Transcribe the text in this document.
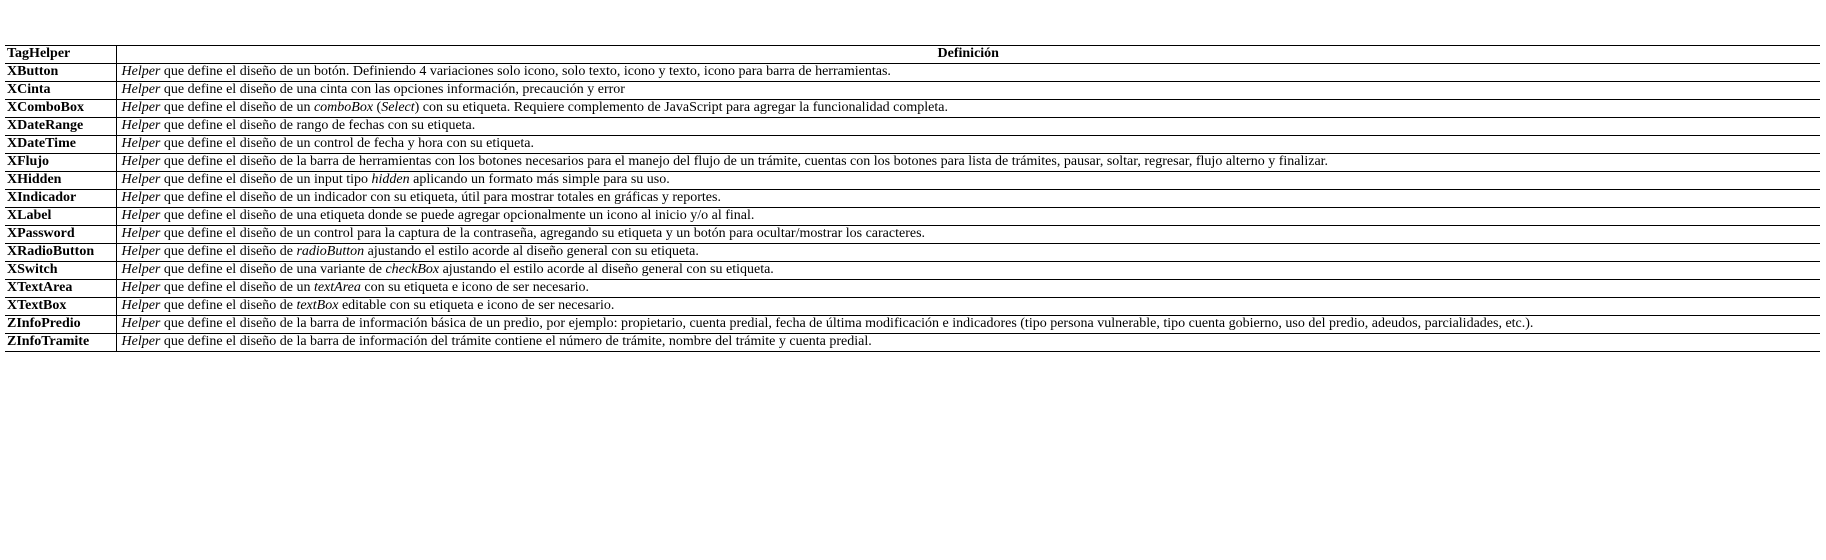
TagHelper	Definición
XButton	Helper que define el diseño de un botón. Definiendo 4 variaciones solo icono, solo texto, icono y texto, icono para barra de herramientas.
XCinta	Helper que define el diseño de una cinta con las opciones información, precaución y error
XComboBox	Helper que define el diseño de un comboBox (Select) con su etiqueta. Requiere complemento de JavaScript para agregar la funcionalidad completa.
XDateRange	Helper que define el diseño de rango de fechas con su etiqueta.
XDateTime	Helper que define el diseño de un control de fecha y hora con su etiqueta.
XFlujo	Helper que define el diseño de la barra de herramientas con los botones necesarios para el manejo del flujo de un trámite, cuentas con los botones para lista de trámites, pausar, soltar, regresar, flujo alterno y finalizar.
XHidden	Helper que define el diseño de un input tipo hidden aplicando un formato más simple para su uso.
XIndicador	Helper que define el diseño de un indicador con su etiqueta, útil para mostrar totales en gráficas y reportes.
XLabel	Helper que define el diseño de una etiqueta donde se puede agregar opcionalmente un icono al inicio y/o al final.
XPassword	Helper que define el diseño de un control para la captura de la contraseña, agregando su etiqueta y un botón para ocultar/mostrar los caracteres.
XRadioButton	Helper que define el diseño de radioButton ajustando el estilo acorde al diseño general con su etiqueta.
XSwitch	Helper que define el diseño de una variante de checkBox ajustando el estilo acorde al diseño general con su etiqueta.
XTextArea	Helper que define el diseño de un textArea con su etiqueta e icono de ser necesario.
XTextBox	Helper que define el diseño de textBox editable con su etiqueta e icono de ser necesario.
ZInfoPredio	Helper que define el diseño de la barra de información básica de un predio, por ejemplo: propietario, cuenta predial, fecha de última modificación e indicadores (tipo persona vulnerable, tipo cuenta gobierno, uso del predio, adeudos, parcialidades, etc.).
ZInfoTramite	Helper que define el diseño de la barra de información del trámite contiene el número de trámite, nombre del trámite y cuenta predial.
